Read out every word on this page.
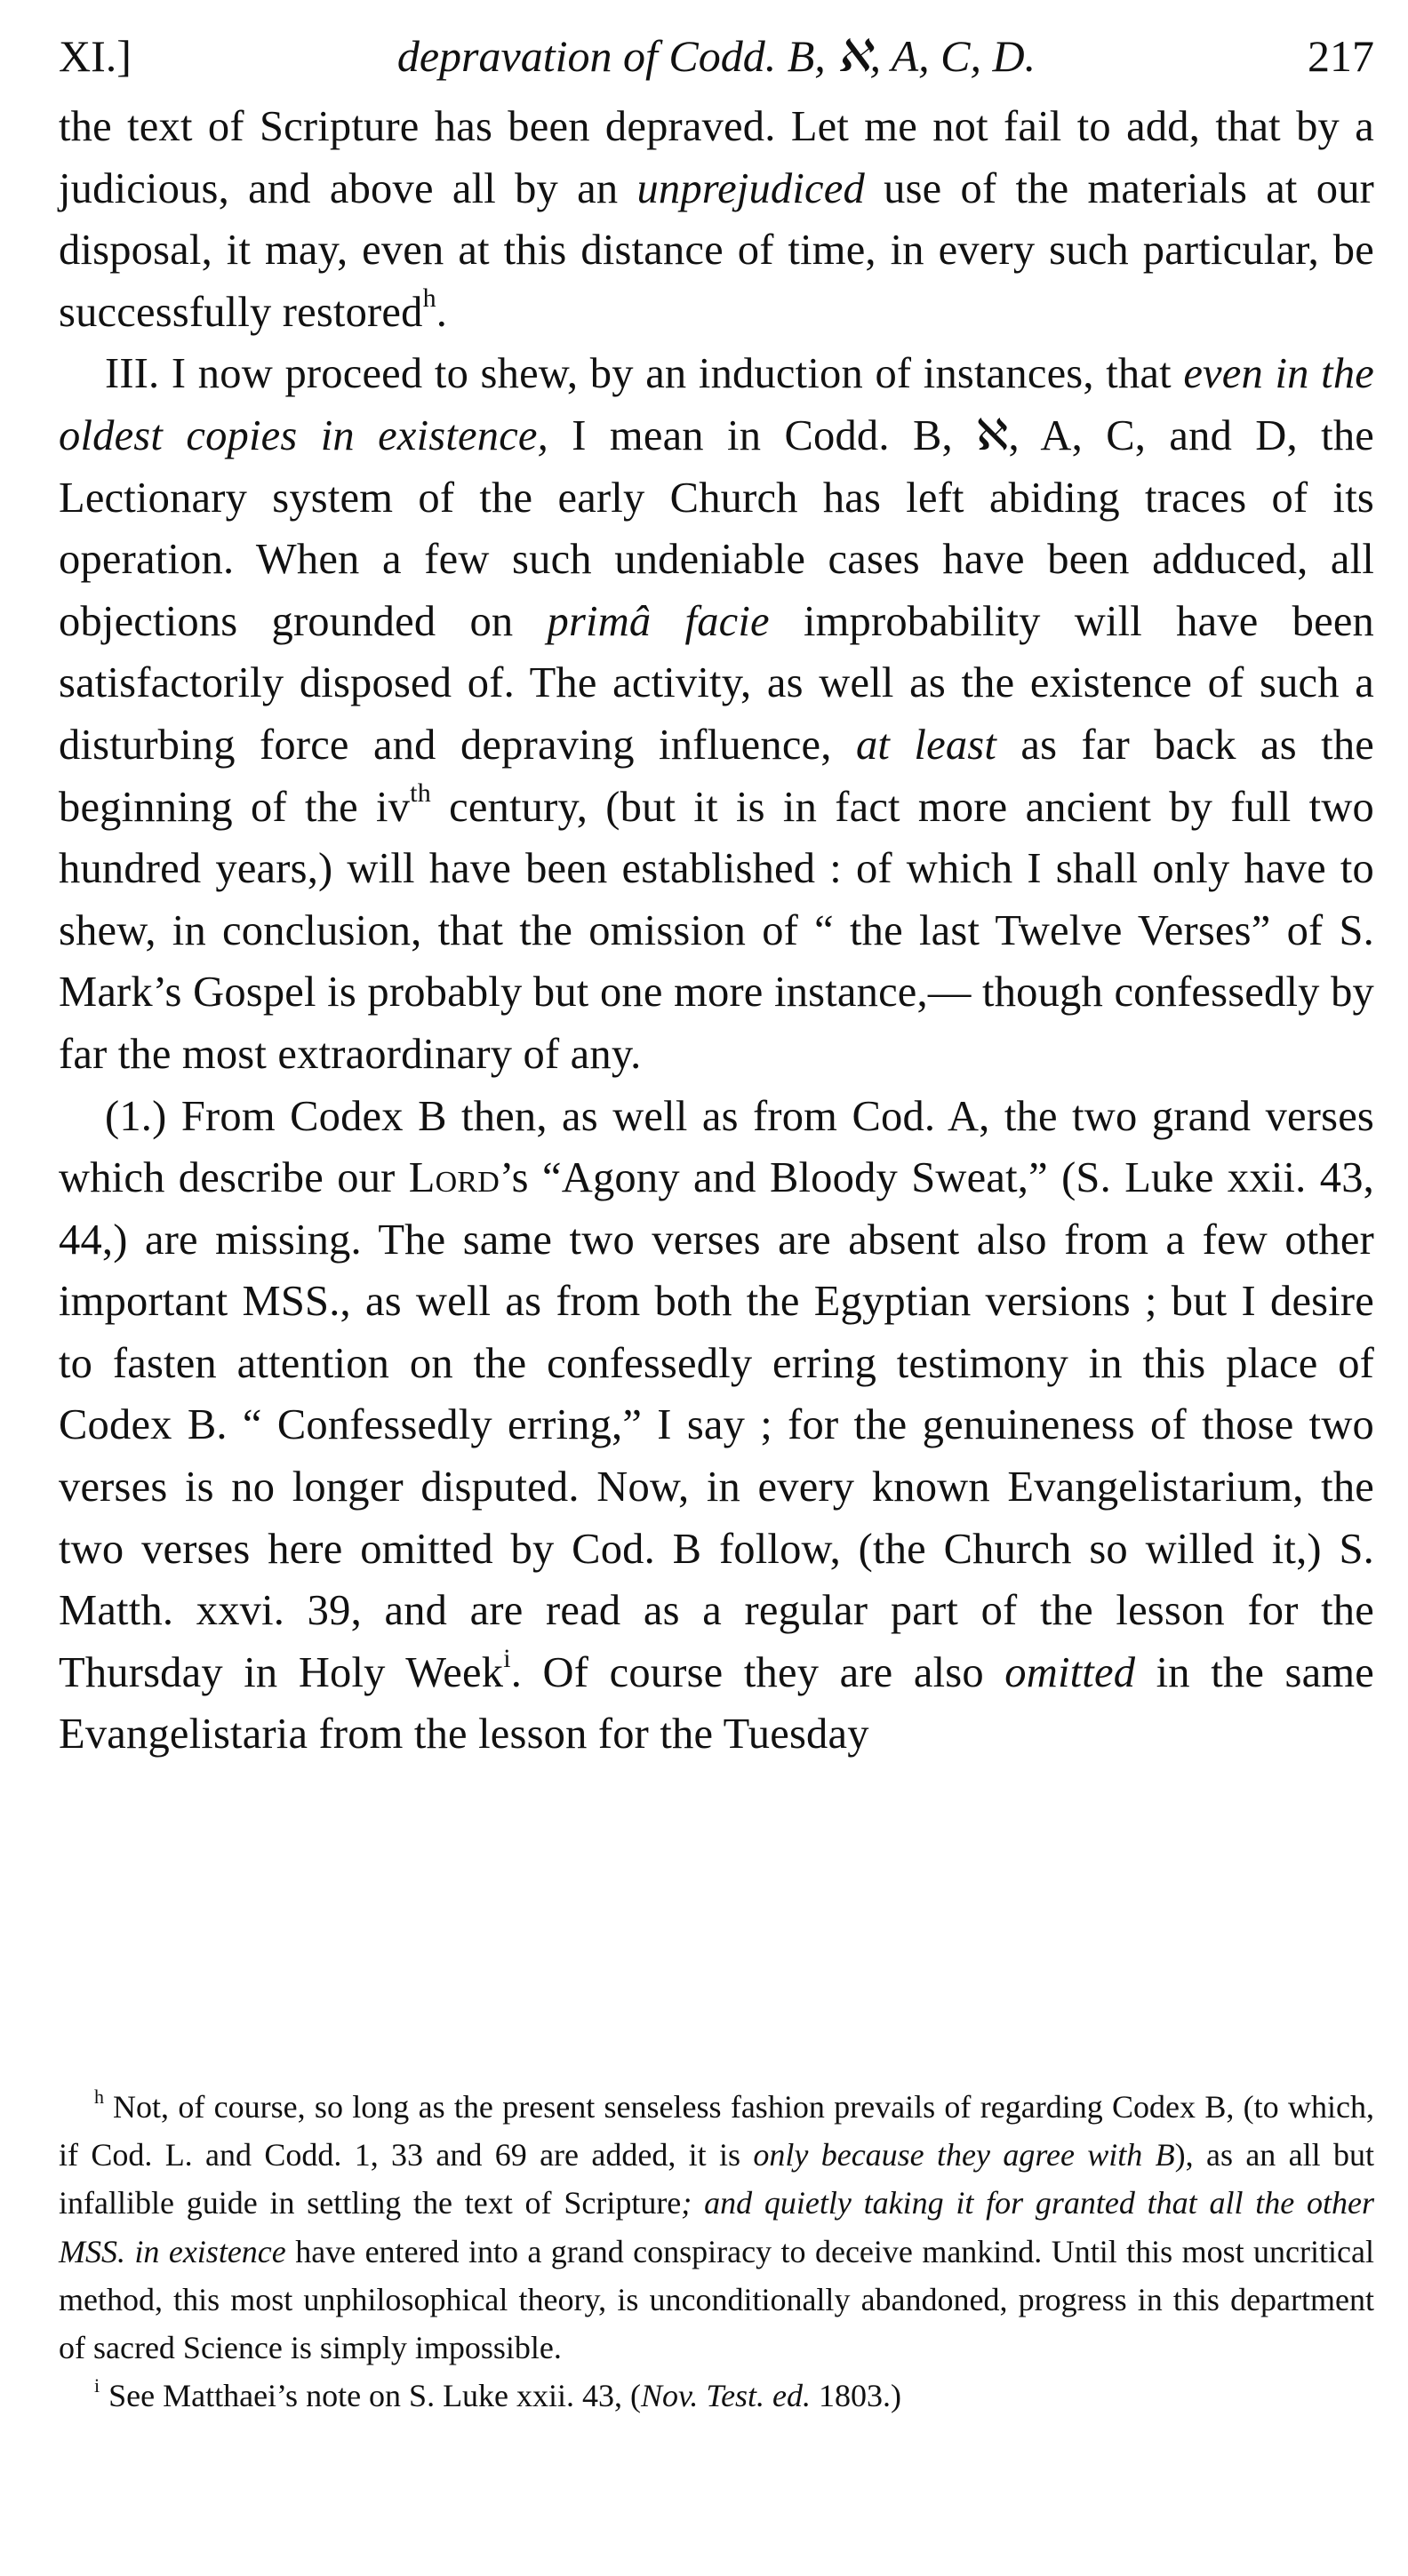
XI.]	depravation of Codd. B, ℵ, A, C, D.	217

the text of Scripture has been depraved. Let me not fail to add, that by a judicious, and above all by an unprejudiced use of the materials at our disposal, it may, even at this distance of time, in every such particular, be successfully restored$^h$.

III. I now proceed to shew, by an induction of instances, that even in the oldest copies in existence, I mean in Codd. B, ℵ, A, C, and D, the Lectionary system of the early Church has left abiding traces of its operation. When a few such undeniable cases have been adduced, all objections grounded on primâ facie improbability will have been satisfactorily disposed of. The activity, as well as the existence of such a disturbing force and depraving influence, at least as far back as the beginning of the $iv^{th}$ century, (but it is in fact more ancient by full two hundred years,) will have been established : of which I shall only have to shew, in conclusion, that the omission of “ the last Twelve Verses” of S. Mark’s Gospel is probably but one more instance,— though confessedly by far the most extraordinary of any.

(1.) From Codex B then, as well as from Cod. A, the two grand verses which describe our Lord’s “Agony and Bloody Sweat,” (S. Luke xxii. 43, 44,) are missing. The same two verses are absent also from a few other important MSS., as well as from both the Egyptian versions ; but I desire to fasten attention on the confessedly erring testimony in this place of Codex B. “ Confessedly erring,” I say ; for the genuineness of those two verses is no longer disputed. Now, in every known Evangelistarium, the two verses here omitted by Cod. B follow, (the Church so willed it,) S. Matth. xxvi. 39, and are read as a regular part of the lesson for the Thursday in Holy Week$^i$. Of course they are also omitted in the same Evangelistaria from the lesson for the Tuesday

$^h$ Not, of course, so long as the present senseless fashion prevails of regarding Codex B, (to which, if Cod. L. and Codd. 1, 33 and 69 are added, it is only because they agree with B), as an all but infallible guide in settling the text of Scripture; and quietly taking it for granted that all the other MSS. in existence have entered into a grand conspiracy to deceive mankind. Until this most uncritical method, this most unphilosophical theory, is unconditionally abandoned, progress in this department of sacred Science is simply impossible.

$^i$ See Matthaei’s note on S. Luke xxii. 43, (Nov. Test. ed. 1803.)
